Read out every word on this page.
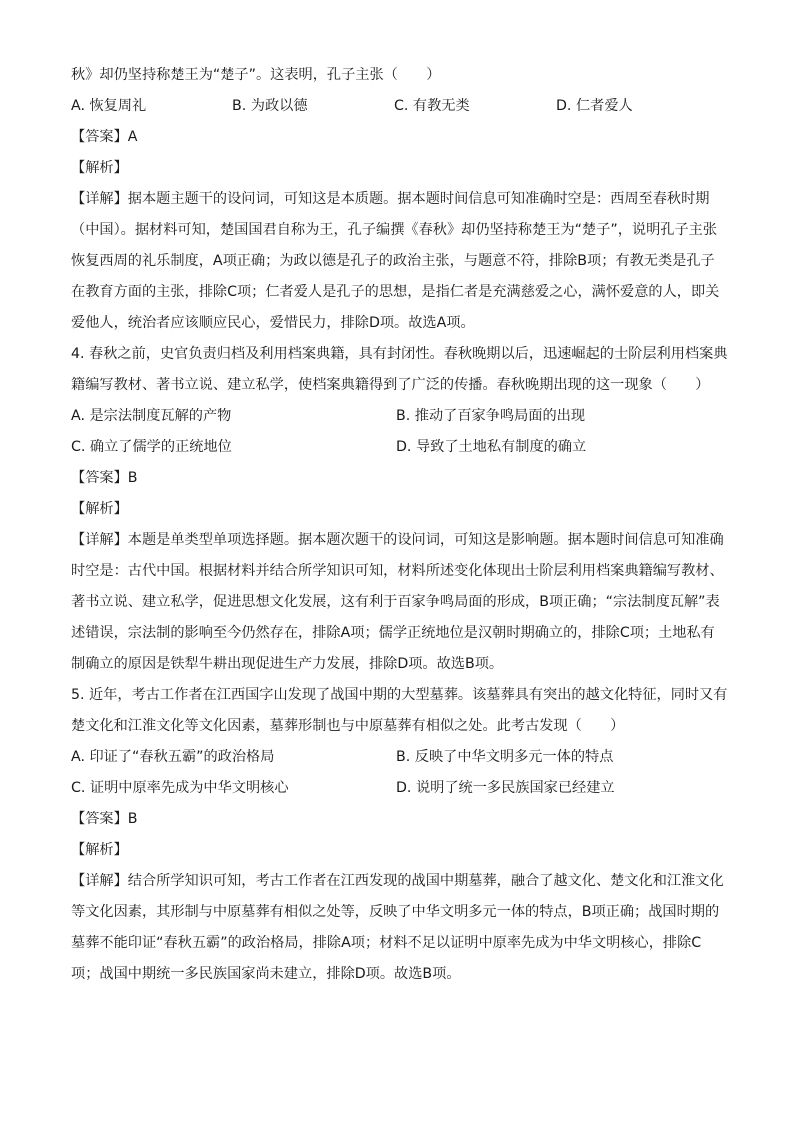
秋》却仍坚持称楚王为“楚子”。这表明，孔子主张（　　）
A. 恢复周礼	B. 为政以德	C. 有教无类	D. 仁者爱人
【答案】A
【解析】
【详解】据本题主题干的设问词，可知这是本质题。据本题时间信息可知准确时空是：西周至春秋时期
（中国）。据材料可知，楚国国君自称为王，孔子编撰《春秋》却仍坚持称楚王为“楚子”，说明孔子主张
恢复西周的礼乐制度，A项正确；为政以德是孔子的政治主张，与题意不符，排除B项；有教无类是孔子
在教育方面的主张，排除C项；仁者爱人是孔子的思想，是指仁者是充满慈爱之心，满怀爱意的人，即关
爱他人，统治者应该顺应民心，爱惜民力，排除D项。故选A项。
4. 春秋之前，史官负责归档及利用档案典籍，具有封闭性。春秋晚期以后，迅速崛起的士阶层利用档案典
籍编写教材、著书立说、建立私学，使档案典籍得到了广泛的传播。春秋晚期出现的这一现象（　　）
A. 是宗法制度瓦解的产物	B. 推动了百家争鸣局面的出现
C. 确立了儒学的正统地位	D. 导致了土地私有制度的确立
【答案】B
【解析】
【详解】本题是单类型单项选择题。据本题次题干的设问词，可知这是影响题。据本题时间信息可知准确
时空是：古代中国。根据材料并结合所学知识可知，材料所述变化体现出士阶层利用档案典籍编写教材、
著书立说、建立私学，促进思想文化发展，这有利于百家争鸣局面的形成，B项正确；“宗法制度瓦解”表
述错误，宗法制的影响至今仍然存在，排除A项；儒学正统地位是汉朝时期确立的，排除C项；土地私有
制确立的原因是铁犁牛耕出现促进生产力发展，排除D项。故选B项。
5. 近年，考古工作者在江西国字山发现了战国中期的大型墓葬。该墓葬具有突出的越文化特征，同时又有
楚文化和江淮文化等文化因素，墓葬形制也与中原墓葬有相似之处。此考古发现（　　）
A. 印证了“春秋五霸”的政治格局	B. 反映了中华文明多元一体的特点
C. 证明中原率先成为中华文明核心	D. 说明了统一多民族国家已经建立
【答案】B
【解析】
【详解】结合所学知识可知，考古工作者在江西发现的战国中期墓葬，融合了越文化、楚文化和江淮文化
等文化因素，其形制与中原墓葬有相似之处等，反映了中华文明多元一体的特点，B项正确；战国时期的
墓葬不能印证“春秋五霸”的政治格局，排除A项；材料不足以证明中原率先成为中华文明核心，排除C
项；战国中期统一多民族国家尚未建立，排除D项。故选B项。
